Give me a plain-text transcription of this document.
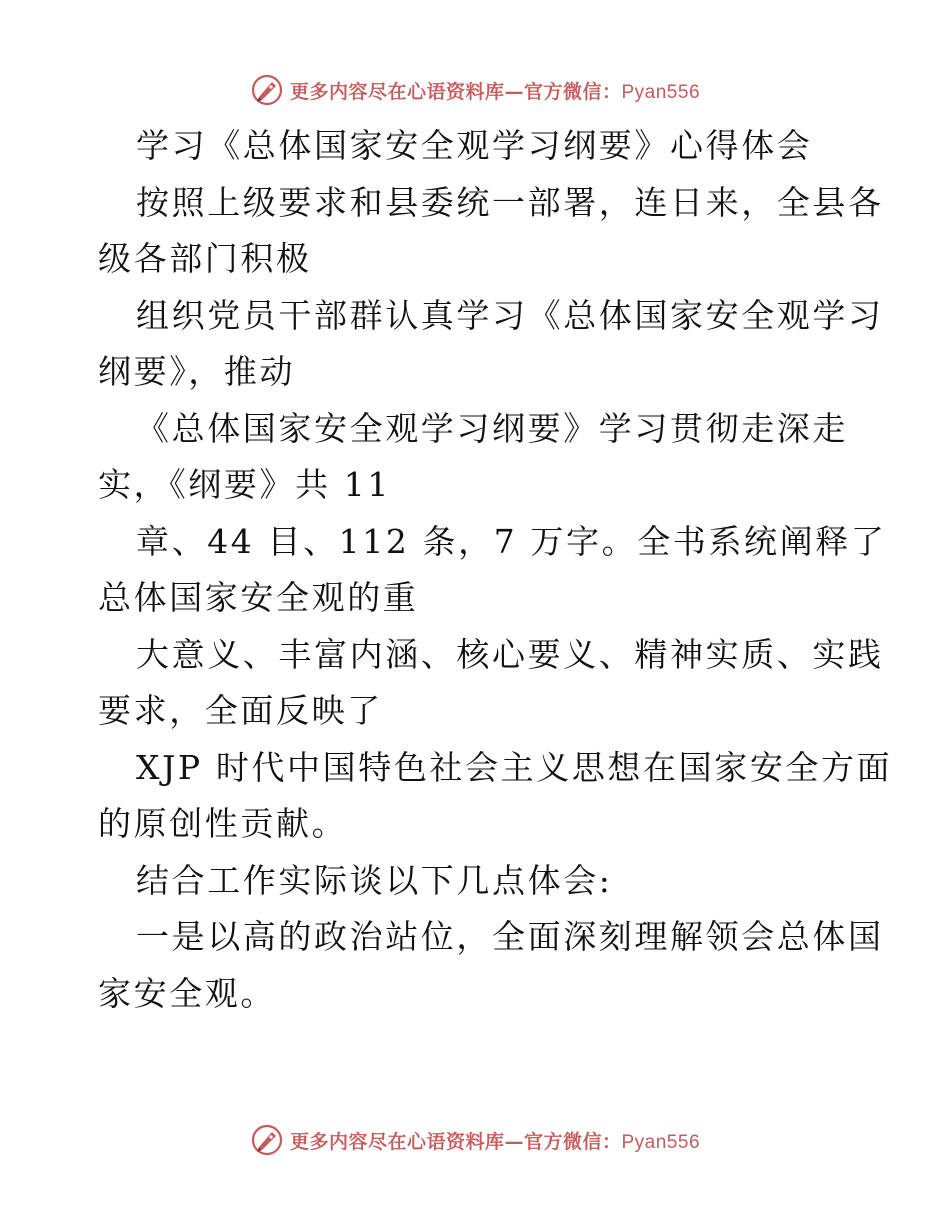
更多内容尽在心语资料库—官方微信：Pyan556
学习《总体国家安全观学习纲要》心得体会
按照上级要求和县委统一部署，连日来，全县各
级各部门积极
组织党员干部群认真学习《总体国家安全观学习
纲要》，推动
《总体国家安全观学习纲要》学习贯彻走深走
实，《纲要》共 11
章、44 目、112 条，7 万字。全书系统阐释了
总体国家安全观的重
大意义、丰富内涵、核心要义、精神实质、实践
要求，全面反映了
XJP 时代中国特色社会主义思想在国家安全方面
的原创性贡献。
结合工作实际谈以下几点体会:
一是以高的政治站位，全面深刻理解领会总体国
家安全观。
更多内容尽在心语资料库—官方微信：Pyan556
